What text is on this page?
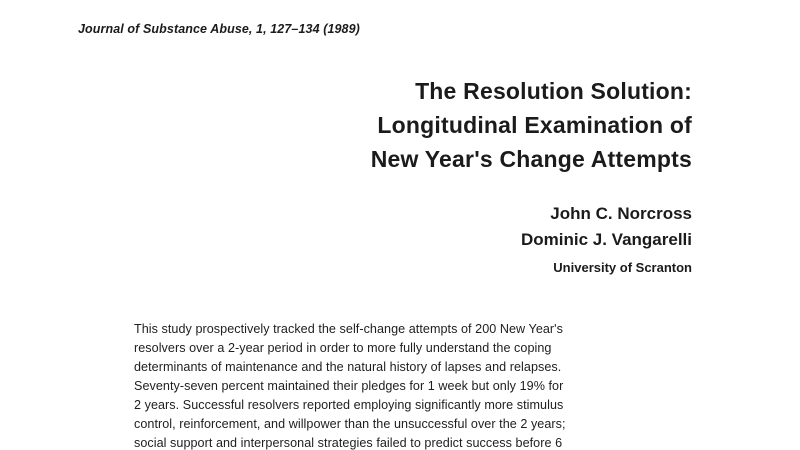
Journal of Substance Abuse, 1, 127–134 (1989)
The Resolution Solution:
Longitudinal Examination of
New Year's Change Attempts
John C. Norcross
Dominic J. Vangarelli
University of Scranton
This study prospectively tracked the self-change attempts of 200 New Year's
resolvers over a 2-year period in order to more fully understand the coping
determinants of maintenance and the natural history of lapses and relapses.
Seventy-seven percent maintained their pledges for 1 week but only 19% for
2 years. Successful resolvers reported employing significantly more stimulus
control, reinforcement, and willpower than the unsuccessful over the 2 years;
social support and interpersonal strategies failed to predict success before 6
